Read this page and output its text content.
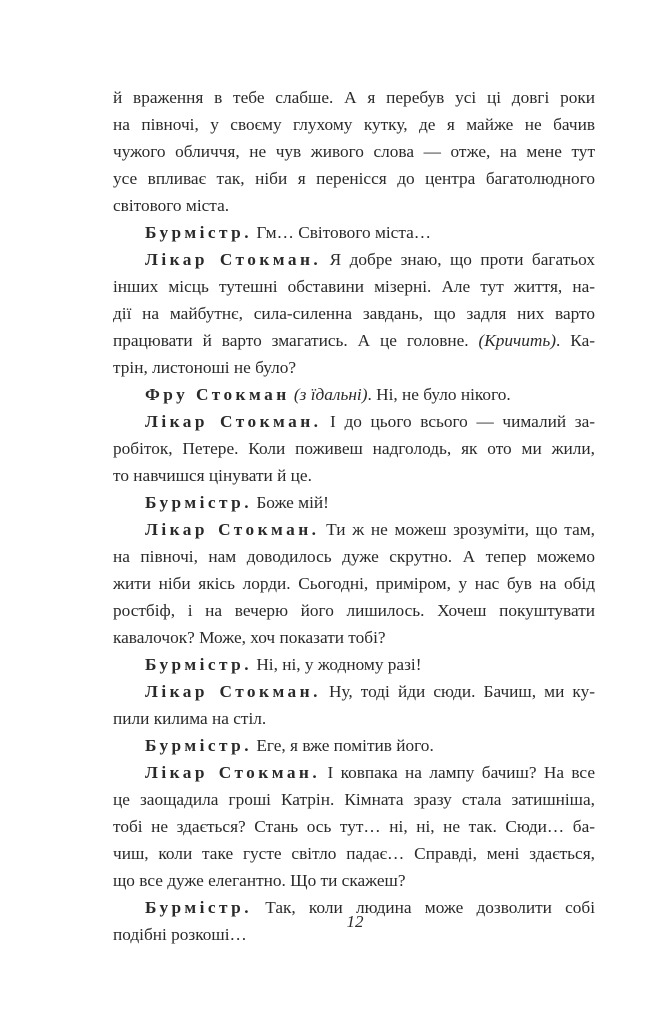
й враження в тебе слабше. А я перебув усі ці довгі роки
на півночі, у своєму глухому кутку, де я майже не бачив
чужого обличчя, не чув живого слова — отже, на мене тут
усе впливає так, ніби я перенісся до центра багатолюдного
світового міста.
Бурмістр. Гм… Світового міста…
Лікар Стокман. Я добре знаю, що проти багатьох
інших місць тутешні обставини мізерні. Але тут життя, на-
дії на майбутнє, сила-силенна завдань, що задля них варто
працювати й варто змагатись. А це головне. (Кричить). Ка-
трін, листоноші не було?
Фру Стокман (з їдальні). Ні, не було нікого.
Лікар Стокман. І до цього всього — чималий за-
робіток, Петере. Коли поживеш надголодь, як ото ми жили,
то навчишся цінувати й це.
Бурмістр. Боже мій!
Лікар Стокман. Ти ж не можеш зрозуміти, що там,
на півночі, нам доводилось дуже скрутно. А тепер можемо
жити ніби якісь лорди. Сьогодні, приміром, у нас був на обід
ростбіф, і на вечерю його лишилось. Хочеш покуштувати
кавалочок? Може, хоч показати тобі?
Бурмістр. Ні, ні, у жодному разі!
Лікар Стокман. Ну, тоді йди сюди. Бачиш, ми ку-
пили килима на стіл.
Бурмістр. Еге, я вже помітив його.
Лікар Стокман. І ковпака на лампу бачиш? На все
це заощадила гроші Катрін. Кімната зразу стала затишніша,
тобі не здається? Стань ось тут… ні, ні, не так. Сюди… ба-
чиш, коли таке густе світло падає… Справді, мені здається,
що все дуже елегантно. Що ти скажеш?
Бурмістр. Так, коли людина може дозволити собі
подібні розкоші…
12
